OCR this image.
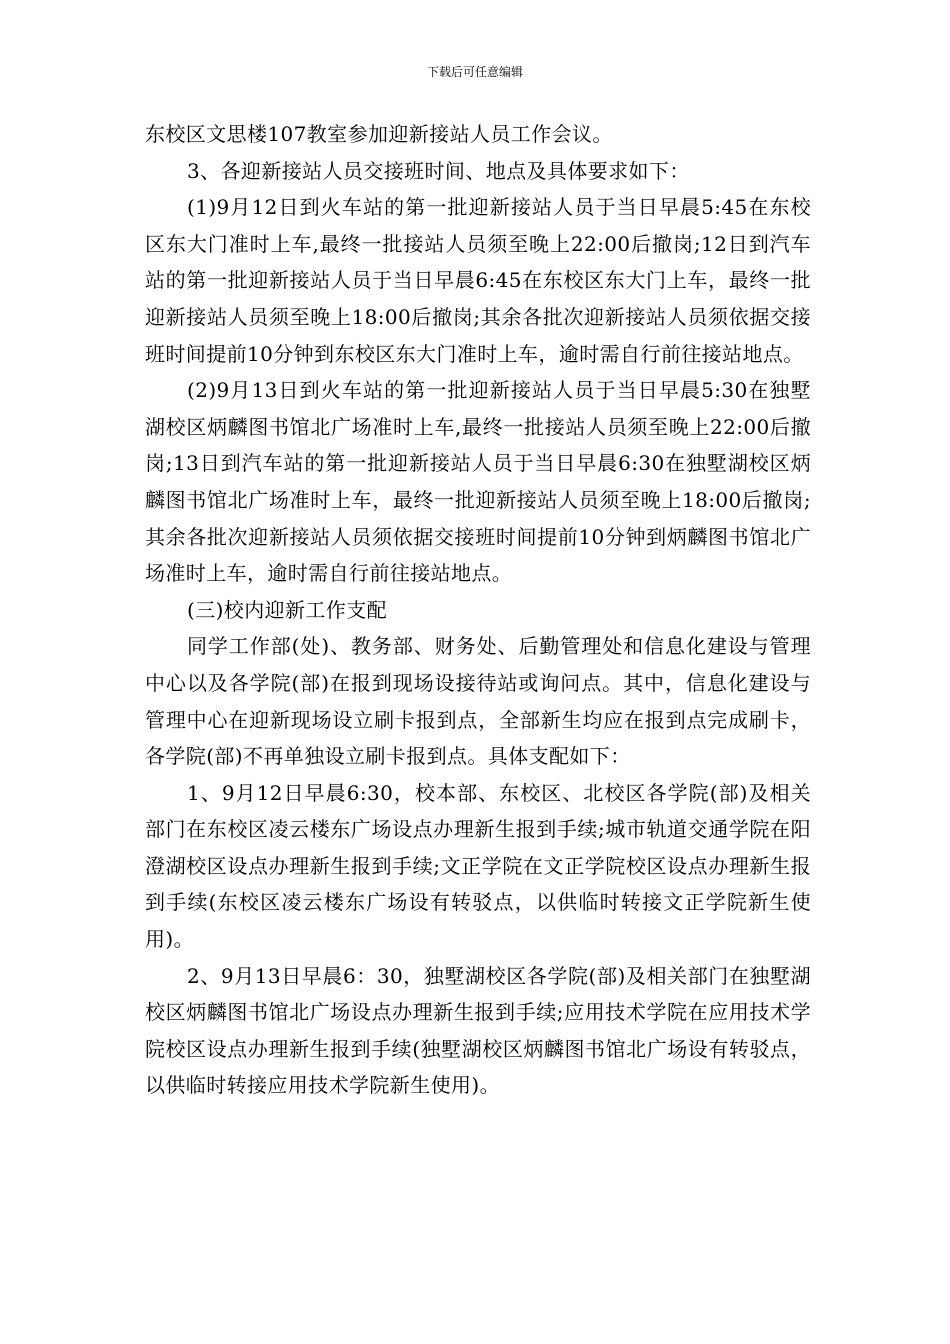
下载后可任意编辑

东校区文思楼107教室参加迎新接站人员工作会议。

3、各迎新接站人员交接班时间、地点及具体要求如下：

(1)9月12日到火车站的第一批迎新接站人员于当日早晨5:45在东校区东大门准时上车,最终一批接站人员须至晚上22:00后撤岗;12日到汽车站的第一批迎新接站人员于当日早晨6:45在东校区东大门上车，最终一批迎新接站人员须至晚上18:00后撤岗;其余各批次迎新接站人员须依据交接班时间提前10分钟到东校区东大门准时上车，逾时需自行前往接站地点。

(2)9月13日到火车站的第一批迎新接站人员于当日早晨5:30在独墅湖校区炳麟图书馆北广场准时上车,最终一批接站人员须至晚上22:00后撤岗;13日到汽车站的第一批迎新接站人员于当日早晨6:30在独墅湖校区炳麟图书馆北广场准时上车，最终一批迎新接站人员须至晚上18:00后撤岗;其余各批次迎新接站人员须依据交接班时间提前10分钟到炳麟图书馆北广场准时上车，逾时需自行前往接站地点。

(三)校内迎新工作支配

同学工作部(处)、教务部、财务处、后勤管理处和信息化建设与管理中心以及各学院(部)在报到现场设接待站或询问点。其中，信息化建设与管理中心在迎新现场设立刷卡报到点，全部新生均应在报到点完成刷卡，各学院(部)不再单独设立刷卡报到点。具体支配如下：

1、9月12日早晨6:30，校本部、东校区、北校区各学院(部)及相关部门在东校区凌云楼东广场设点办理新生报到手续;城市轨道交通学院在阳澄湖校区设点办理新生报到手续;文正学院在文正学院校区设点办理新生报到手续(东校区凌云楼东广场设有转驳点，以供临时转接文正学院新生使用)。

2、9月13日早晨6：30，独墅湖校区各学院(部)及相关部门在独墅湖校区炳麟图书馆北广场设点办理新生报到手续;应用技术学院在应用技术学院校区设点办理新生报到手续(独墅湖校区炳麟图书馆北广场设有转驳点，以供临时转接应用技术学院新生使用)。
